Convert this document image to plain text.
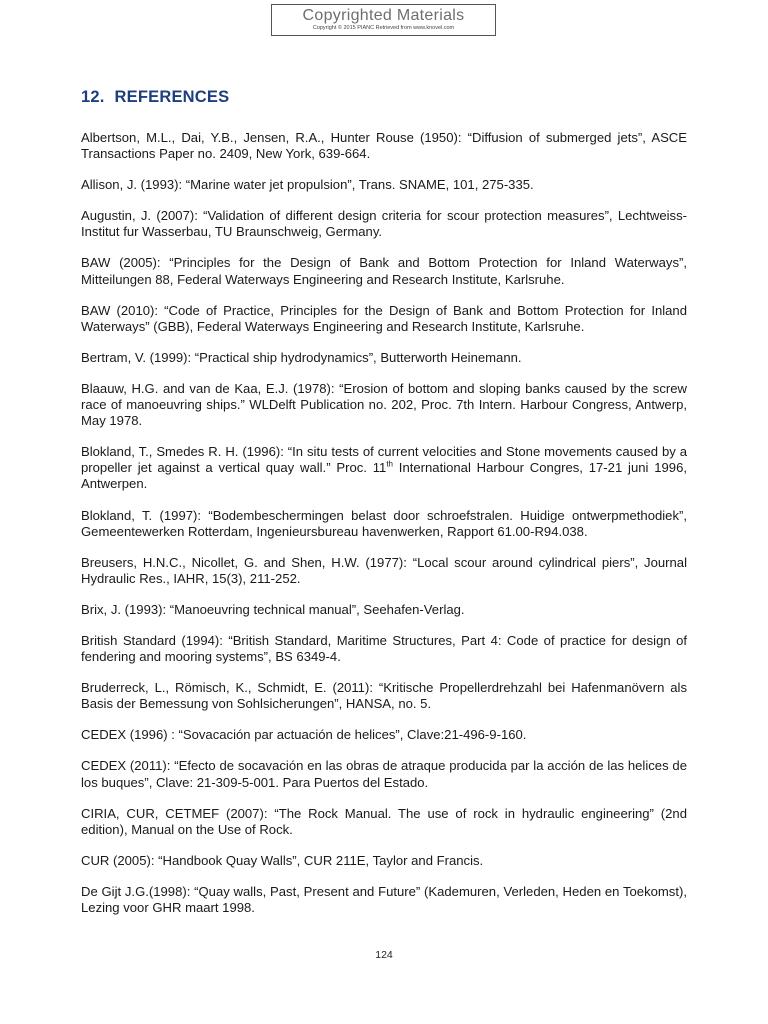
Copyrighted Materials
Copyright © 2015 PIANC Retrieved from www.knovel.com
12. REFERENCES
Albertson, M.L., Dai, Y.B., Jensen, R.A., Hunter Rouse (1950): “Diffusion of submerged jets”, ASCE Transactions Paper no. 2409, New York, 639-664.
Allison, J. (1993): “Marine water jet propulsion”, Trans. SNAME, 101, 275-335.
Augustin, J. (2007): “Validation of different design criteria for scour protection measures”, Lechtweiss-Institut fur Wasserbau, TU Braunschweig, Germany.
BAW (2005): “Principles for the Design of Bank and Bottom Protection for Inland Waterways”, Mitteilungen 88, Federal Waterways Engineering and Research Institute, Karlsruhe.
BAW (2010): “Code of Practice, Principles for the Design of Bank and Bottom Protection for Inland Waterways” (GBB), Federal Waterways Engineering and Research Institute, Karlsruhe.
Bertram, V. (1999): “Practical ship hydrodynamics”, Butterworth Heinemann.
Blaauw, H.G. and van de Kaa, E.J. (1978): “Erosion of bottom and sloping banks caused by the screw race of manoeuvring ships.” WLDelft Publication no. 202, Proc. 7th Intern. Harbour Congress, Antwerp, May 1978.
Blokland, T., Smedes R. H. (1996): “In situ tests of current velocities and Stone movements caused by a propeller jet against a vertical quay wall.” Proc. 11th International Harbour Congres, 17-21 juni 1996, Antwerpen.
Blokland, T. (1997): “Bodembeschermingen belast door schroefstralen. Huidige ontwerpmethodiek”, Gemeentewerken Rotterdam, Ingenieursbureau havenwerken, Rapport 61.00-R94.038.
Breusers, H.N.C., Nicollet, G. and Shen, H.W. (1977): “Local scour around cylindrical piers”, Journal Hydraulic Res., IAHR, 15(3), 211-252.
Brix, J. (1993): “Manoeuvring technical manual”, Seehafen-Verlag.
British Standard (1994): “British Standard, Maritime Structures, Part 4: Code of practice for design of fendering and mooring systems”, BS 6349-4.
Bruderreck, L., Römisch, K., Schmidt, E. (2011): “Kritische Propellerdrehzahl bei Hafenmanövern als Basis der Bemessung von Sohlsicherungen”, HANSA, no. 5.
CEDEX (1996) : “Sovacación par actuación de helices”, Clave:21-496-9-160.
CEDEX (2011): “Efecto de socavación en las obras de atraque producida par la acción de las helices de los buques”, Clave: 21-309-5-001. Para Puertos del Estado.
CIRIA, CUR, CETMEF (2007): “The Rock Manual. The use of rock in hydraulic engineering” (2nd edition), Manual on the Use of Rock.
CUR (2005): “Handbook Quay Walls”, CUR 211E, Taylor and Francis.
De Gijt J.G.(1998): “Quay walls, Past, Present and Future” (Kademuren, Verleden, Heden en Toekomst), Lezing voor GHR maart 1998.
124
